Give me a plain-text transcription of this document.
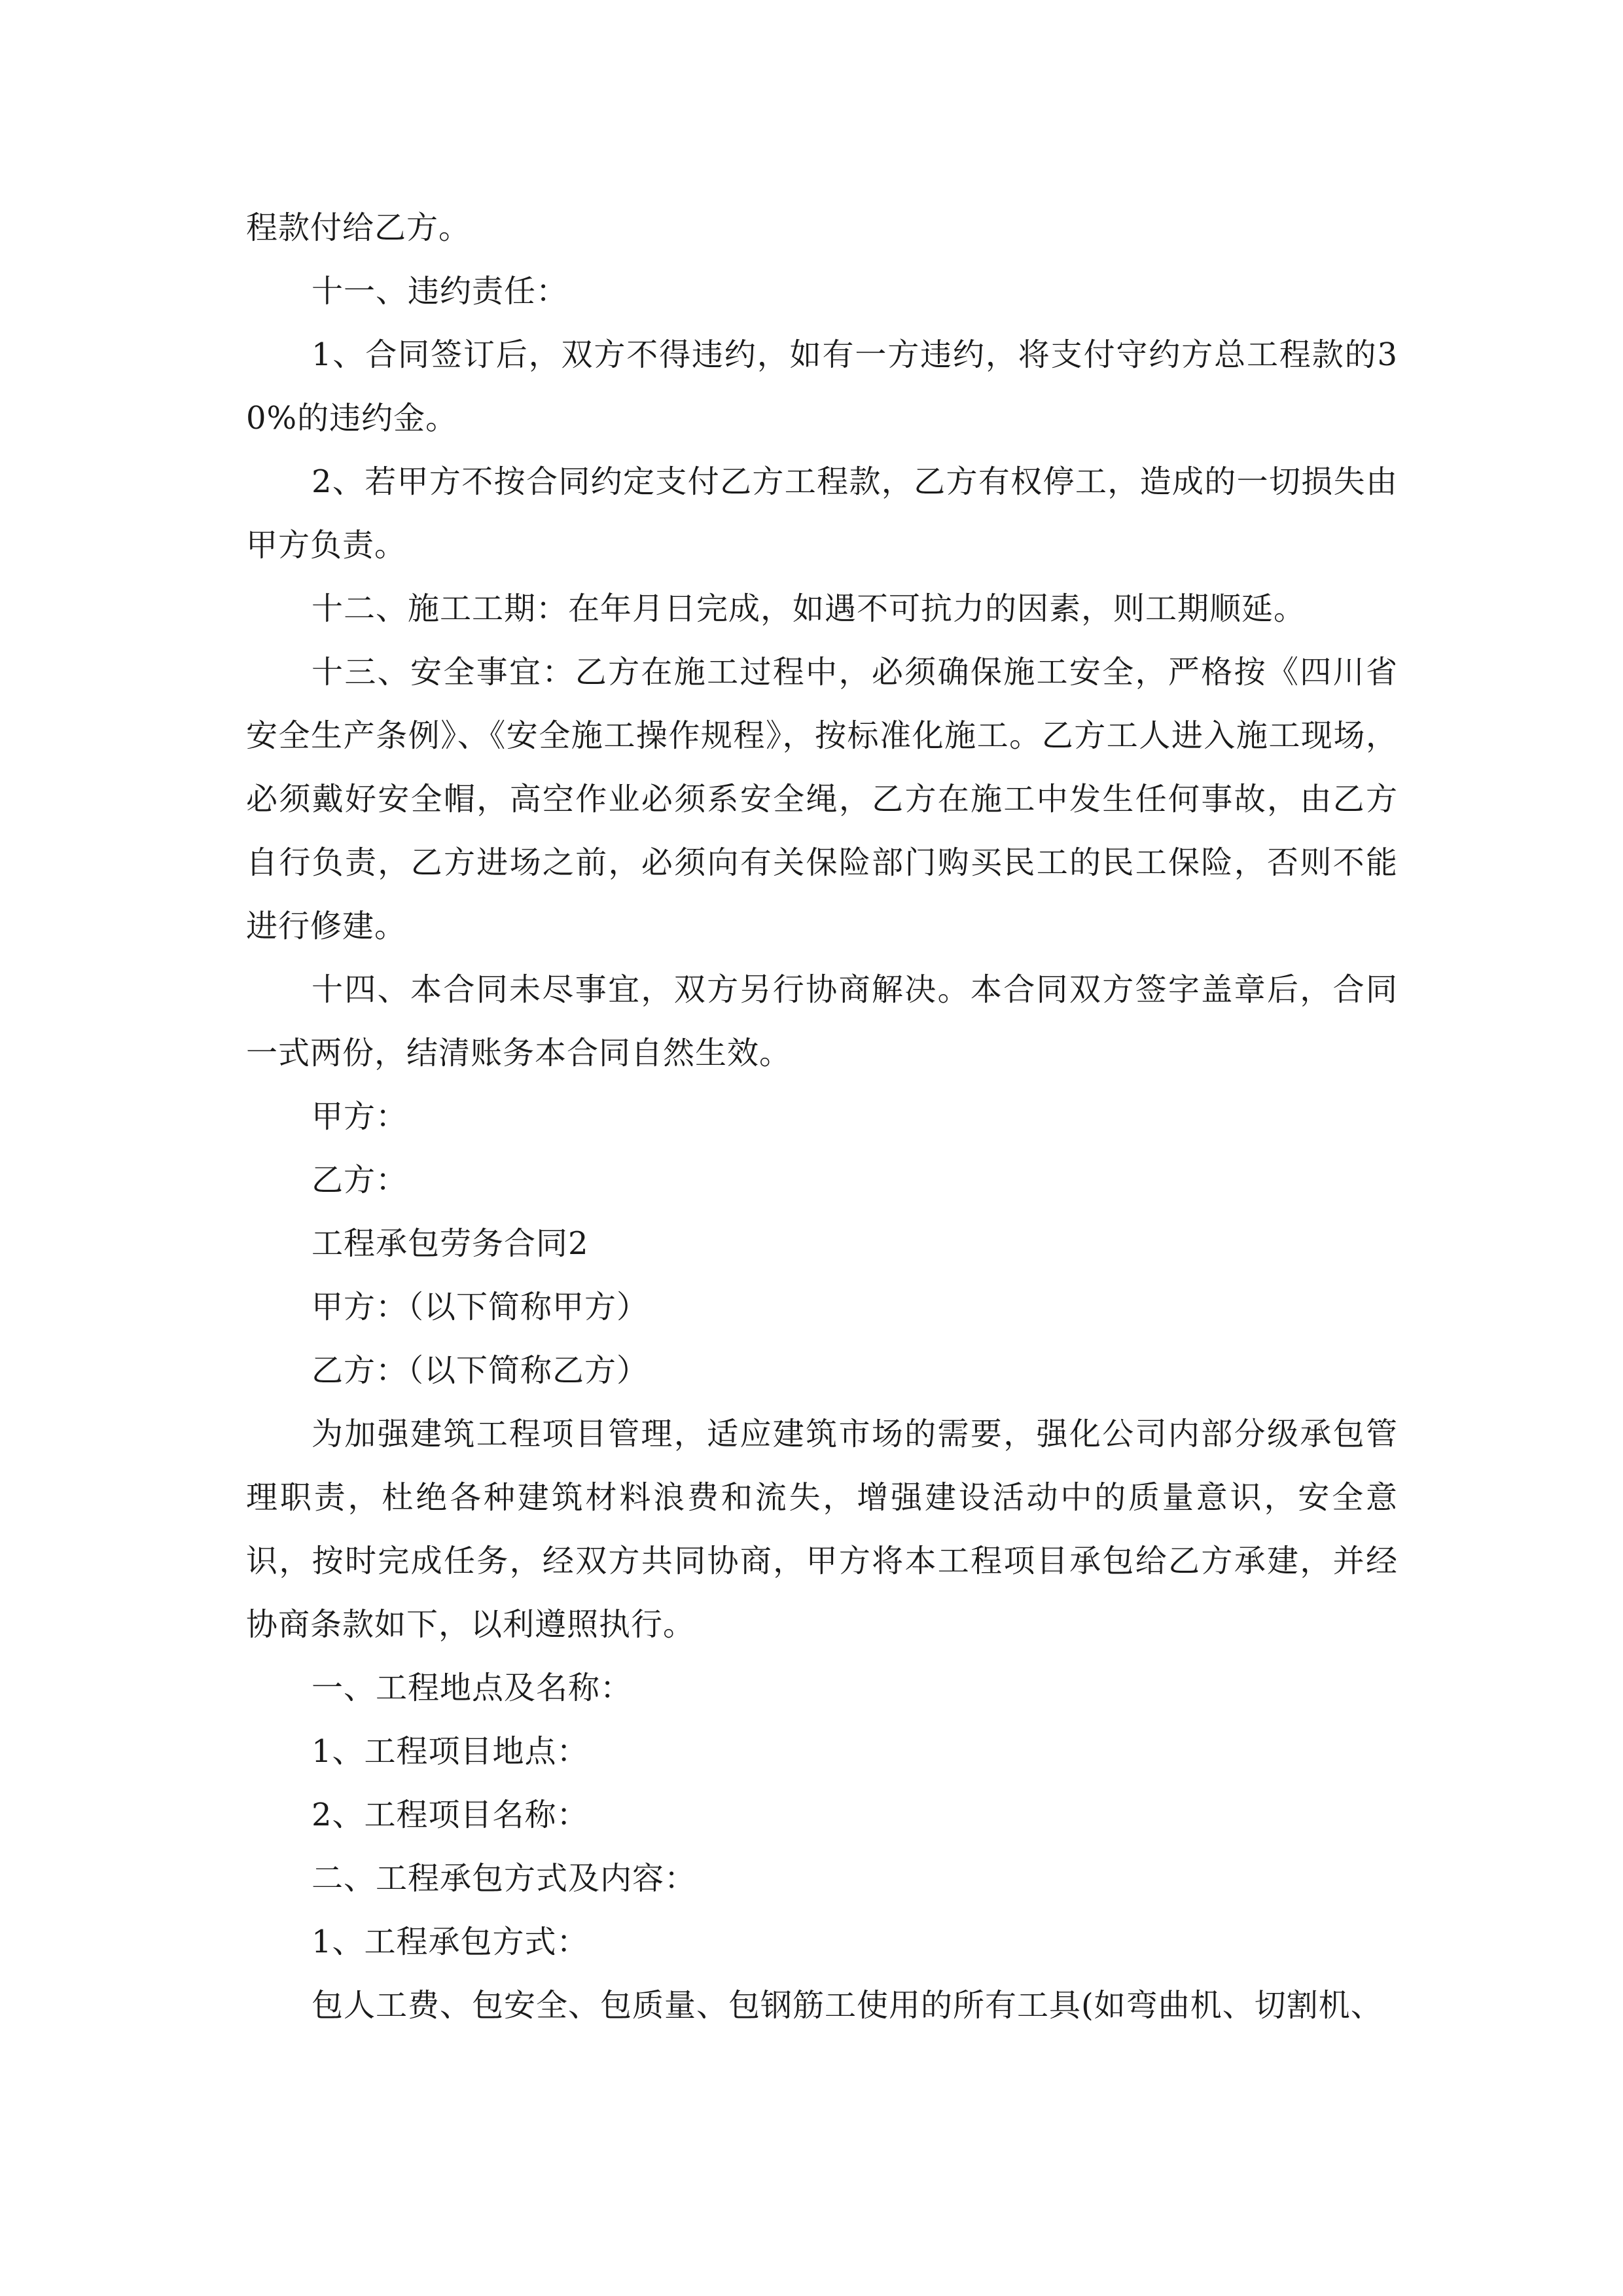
程款付给乙方。

十一、违约责任：

1、合同签订后，双方不得违约，如有一方违约，将支付守约方总工程款的30%的违约金。

2、若甲方不按合同约定支付乙方工程款，乙方有权停工，造成的一切损失由甲方负责。

十二、施工工期：在年月日完成，如遇不可抗力的因素，则工期顺延。

十三、安全事宜：乙方在施工过程中，必须确保施工安全，严格按《四川省安全生产条例》、《安全施工操作规程》，按标准化施工。乙方工人进入施工现场，必须戴好安全帽，高空作业必须系安全绳，乙方在施工中发生任何事故，由乙方自行负责，乙方进场之前，必须向有关保险部门购买民工的民工保险，否则不能进行修建。

十四、本合同未尽事宜，双方另行协商解决。本合同双方签字盖章后，合同一式两份，结清账务本合同自然生效。

甲方：

乙方：

工程承包劳务合同2

甲方：（以下简称甲方）

乙方：（以下简称乙方）

为加强建筑工程项目管理，适应建筑市场的需要，强化公司内部分级承包管理职责，杜绝各种建筑材料浪费和流失，增强建设活动中的质量意识，安全意识，按时完成任务，经双方共同协商，甲方将本工程项目承包给乙方承建，并经协商条款如下，以利遵照执行。

一、工程地点及名称：

1、工程项目地点：

2、工程项目名称：

二、工程承包方式及内容：

1、工程承包方式：

包人工费、包安全、包质量、包钢筋工使用的所有工具(如弯曲机、切割机、
